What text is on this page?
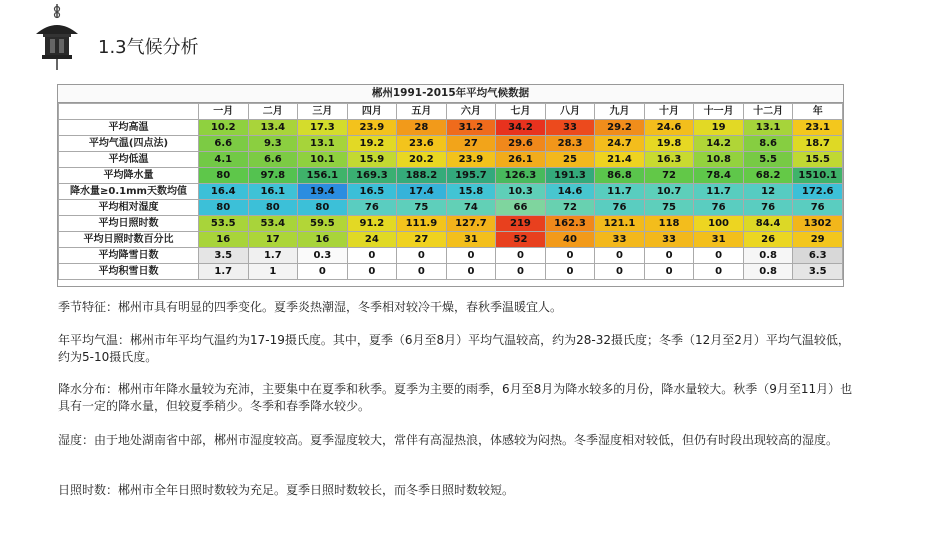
1.3气候分析
郴州1991-2015年平均气候数据
	一月	二月	三月	四月	五月	六月	七月	八月	九月	十月	十一月	十二月	年
平均高温	10.2	13.4	17.3	23.9	28	31.2	34.2	33	29.2	24.6	19	13.1	23.1
平均气温(四点法)	6.6	9.3	13.1	19.2	23.6	27	29.6	28.3	24.7	19.8	14.2	8.6	18.7
平均低温	4.1	6.6	10.1	15.9	20.2	23.9	26.1	25	21.4	16.3	10.8	5.5	15.5
平均降水量	80	97.8	156.1	169.3	188.2	195.7	126.3	191.3	86.8	72	78.4	68.2	1510.1
降水量≥0.1mm天数均值	16.4	16.1	19.4	16.5	17.4	15.8	10.3	14.6	11.7	10.7	11.7	12	172.6
平均相对湿度	80	80	80	76	75	74	66	72	76	75	76	76	76
平均日照时数	53.5	53.4	59.5	91.2	111.9	127.7	219	162.3	121.1	118	100	84.4	1302
平均日照时数百分比	16	17	16	24	27	31	52	40	33	33	31	26	29
平均降雪日数	3.5	1.7	0.3	0	0	0	0	0	0	0	0	0.8	6.3
平均积雪日数	1.7	1	0	0	0	0	0	0	0	0	0	0.8	3.5
季节特征：郴州市具有明显的四季变化。夏季炎热潮湿，冬季相对较冷干燥，春秋季温暖宜人。
年平均气温：郴州市年平均气温约为17-19摄氏度。其中，夏季（6月至8月）平均气温较高，约为28-32摄氏度；冬季（12月至2月）平均气温较低，约为5-10摄氏度。
降水分布：郴州市年降水量较为充沛，主要集中在夏季和秋季。夏季为主要的雨季，6月至8月为降水较多的月份，降水量较大。秋季（9月至11月）也具有一定的降水量，但较夏季稍少。冬季和春季降水较少。
湿度：由于地处湖南省中部，郴州市湿度较高。夏季湿度较大，常伴有高湿热浪，体感较为闷热。冬季湿度相对较低，但仍有时段出现较高的湿度。
日照时数：郴州市全年日照时数较为充足。夏季日照时数较长，而冬季日照时数较短。
